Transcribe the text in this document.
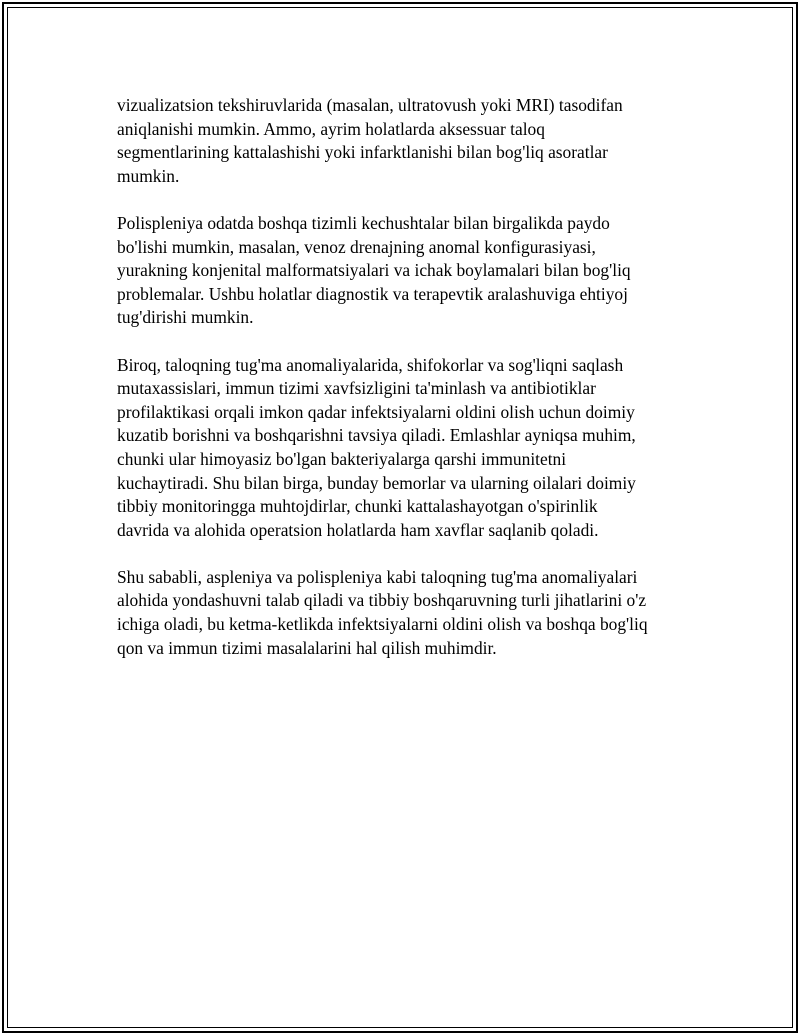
vizualizatsion tekshiruvlarida (masalan, ultratovush yoki MRI) tasodifan
aniqlanishi mumkin. Ammo, ayrim holatlarda aksessuar taloq
segmentlarining kattalashishi yoki infarktlanishi bilan bog'liq asoratlar
mumkin.

Polispleniya odatda boshqa tizimli kechushtalar bilan birgalikda paydo
bo'lishi mumkin, masalan, venoz drenajning anomal konfigurasiyasi,
yurakning konjenital malformatsiyalari va ichak boylamalari bilan bog'liq
problemalar. Ushbu holatlar diagnostik va terapevtik aralashuviga ehtiyoj
tug'dirishi mumkin.

Biroq, taloqning tug'ma anomaliyalarida, shifokorlar va sog'liqni saqlash
mutaxassislari, immun tizimi xavfsizligini ta'minlash va antibiotiklar
profilaktikasi orqali imkon qadar infektsiyalarni oldini olish uchun doimiy
kuzatib borishni va boshqarishni tavsiya qiladi. Emlashlar ayniqsa muhim,
chunki ular himoyasiz bo'lgan bakteriyalarga qarshi immunitetni
kuchaytiradi. Shu bilan birga, bunday bemorlar va ularning oilalari doimiy
tibbiy monitoringga muhtojdirlar, chunki kattalashayotgan o'spirinlik
davrida va alohida operatsion holatlarda ham xavflar saqlanib qoladi.

Shu sababli, aspleniya va polispleniya kabi taloqning tug'ma anomaliyalari
alohida yondashuvni talab qiladi va tibbiy boshqaruvning turli jihatlarini o'z
ichiga oladi, bu ketma-ketlikda infektsiyalarni oldini olish va boshqa bog'liq
qon va immun tizimi masalalarini hal qilish muhimdir.
